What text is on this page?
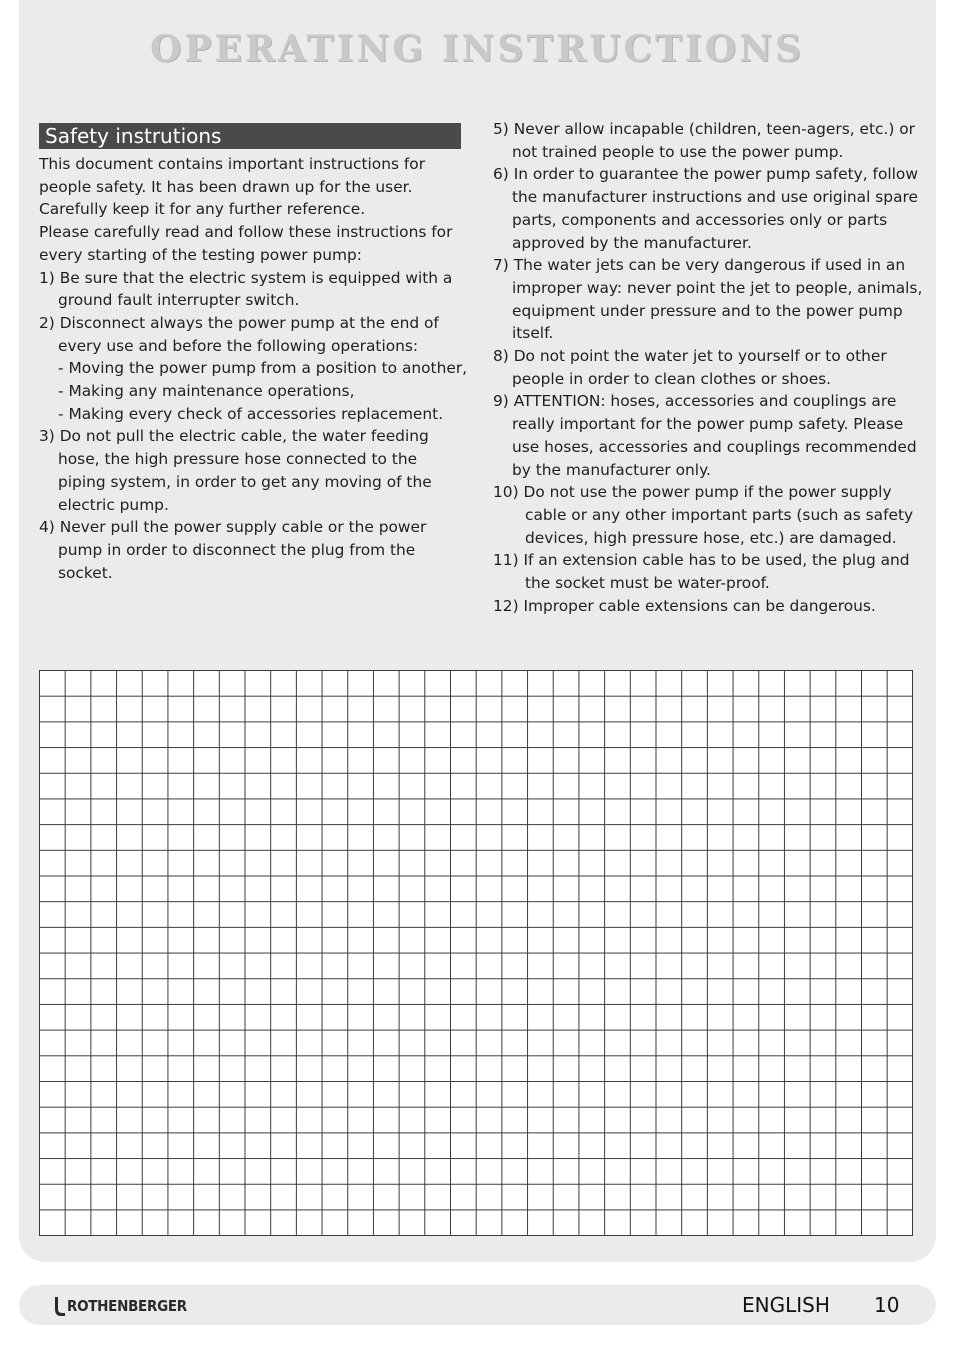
OPERATING INSTRUCTIONS
Safety instrutions

This document contains important instructions for people safety. It has been drawn up for the user. Carefully keep it for any further reference.

Please carefully read and follow these instructions for every starting of the testing power pump:

1) Be sure that the electric system is equipped with a ground fault interrupter switch.

2) Disconnect always the power pump at the end of every use and before the following operations:

- Moving the power pump from a position to another,

- Making any maintenance operations,

- Making every check of accessories replacement.

3) Do not pull the electric cable, the water feeding hose, the high pressure hose connected to the piping system, in order to get any moving of the electric pump.

4) Never pull the power supply cable or the power pump in order to disconnect the plug from the socket.

5) Never allow incapable (children, teen-agers, etc.) or not trained people to use the power pump.

6) In order to guarantee the power pump safety, follow the manufacturer instructions and use original spare parts, components and accessories only or parts approved by the manufacturer.

7) The water jets can be very dangerous if used in an improper way: never point the jet to people, animals, equipment under pressure and to the power pump itself.

8) Do not point the water jet to yourself or to other people in order to clean clothes or shoes.

9) ATTENTION: hoses, accessories and couplings are really important for the power pump safety. Please use hoses, accessories and couplings recommended by the manufacturer only.

10) Do not use the power pump if the power supply cable or any other important parts (such as safety devices, high pressure hose, etc.) are damaged.

11) If an extension cable has to be used, the plug and the socket must be water-proof.

12) Improper cable extensions can be dangerous.

ROTHENBERGER	ENGLISH 10
